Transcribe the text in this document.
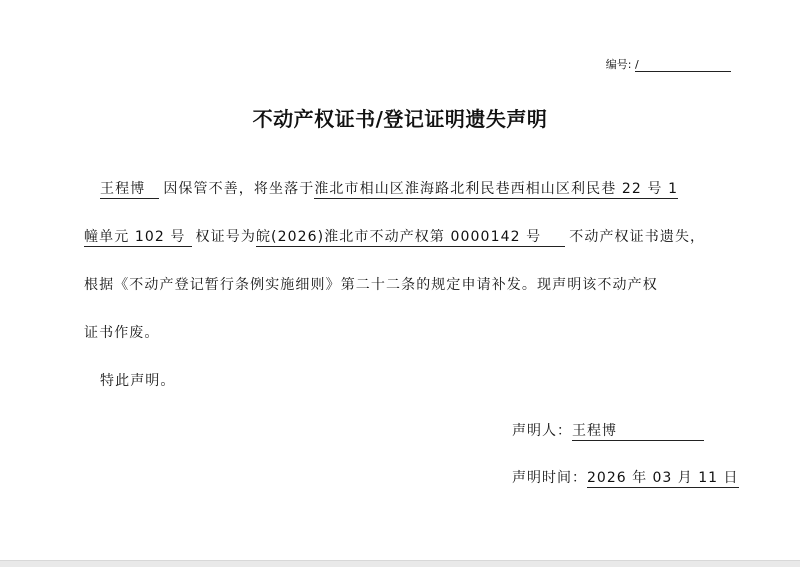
编号: /
不动产权证书/登记证明遗失声明
王程博 因保管不善，将坐落于淮北市相山区淮海路北利民巷西相山区利民巷 22 号 1
幢单元 102 号 权证号为皖(2026)淮北市不动产权第 0000142 号 不动产权证书遗失，
根据《不动产登记暂行条例实施细则》第二十二条的规定申请补发。现声明该不动产权
证书作废。
特此声明。
声明人：王程博
声明时间：2026 年 03 月 11 日
